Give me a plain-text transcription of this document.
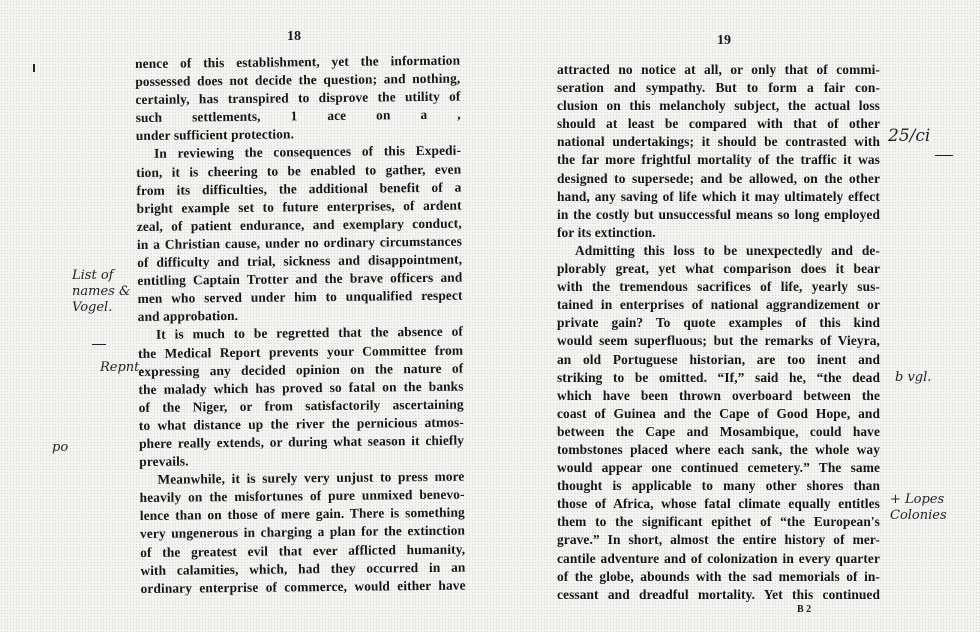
18	19
nence of this establishment, yet the information
possessed does not decide the question; and nothing,
certainly, has transpired to disprove the utility of
such settlements, 1 ace on a ,
under sufficient protection.
In reviewing the consequences of this Expedi-
tion, it is cheering to be enabled to gather, even
from its difficulties, the additional benefit of a
bright example set to future enterprises, of ardent
zeal, of patient endurance, and exemplary conduct,
in a Christian cause, under no ordinary circumstances
of difficulty and trial, sickness and disappointment,
entitling Captain Trotter and the brave officers and
men who served under him to unqualified respect
and approbation.
It is much to be regretted that the absence of
the Medical Report prevents your Committee from
expressing any decided opinion on the nature of
the malady which has proved so fatal on the banks
of the Niger, or from satisfactorily ascertaining
to what distance up the river the pernicious atmos-
phere really extends, or during what season it chiefly
prevails.
Meanwhile, it is surely very unjust to press more
heavily on the misfortunes of pure unmixed benevo-
lence than on those of mere gain. There is something
very ungenerous in charging a plan for the extinction
of the greatest evil that ever afflicted humanity,
with calamities, which, had they occurred in an
ordinary enterprise of commerce, would either have
attracted no notice at all, or only that of commi-
seration and sympathy. But to form a fair con-
clusion on this melancholy subject, the actual loss
should at least be compared with that of other
national undertakings; it should be contrasted with
the far more frightful mortality of the traffic it was
designed to supersede; and be allowed, on the other
hand, any saving of life which it may ultimately effect
in the costly but unsuccessful means so long employed
for its extinction.
Admitting this loss to be unexpectedly and de-
plorably great, yet what comparison does it bear
with the tremendous sacrifices of life, yearly sus-
tained in enterprises of national aggrandizement or
private gain? To quote examples of this kind
would seem superfluous; but the remarks of Vieyra,
an old Portuguese historian, are too inent and
striking to be omitted. “If,” said he, “the dead
which have been thrown overboard between the
coast of Guinea and the Cape of Good Hope, and
between the Cape and Mosambique, could have
tombstones placed where each sank, the whole way
would appear one continued cemetery.” The same
thought is applicable to many other shores than
those of Africa, whose fatal climate equally entitles
them to the significant epithet of “the European's
grave.” In short, almost the entire history of mer-
cantile adventure and of colonization in every quarter
of the globe, abounds with the sad memorials of in-
cessant and dreadful mortality. Yet this continued
B 2
List of names & Vogel.
Repnt.
po
25/ci
b vgl.
+ Lopes Colonies
